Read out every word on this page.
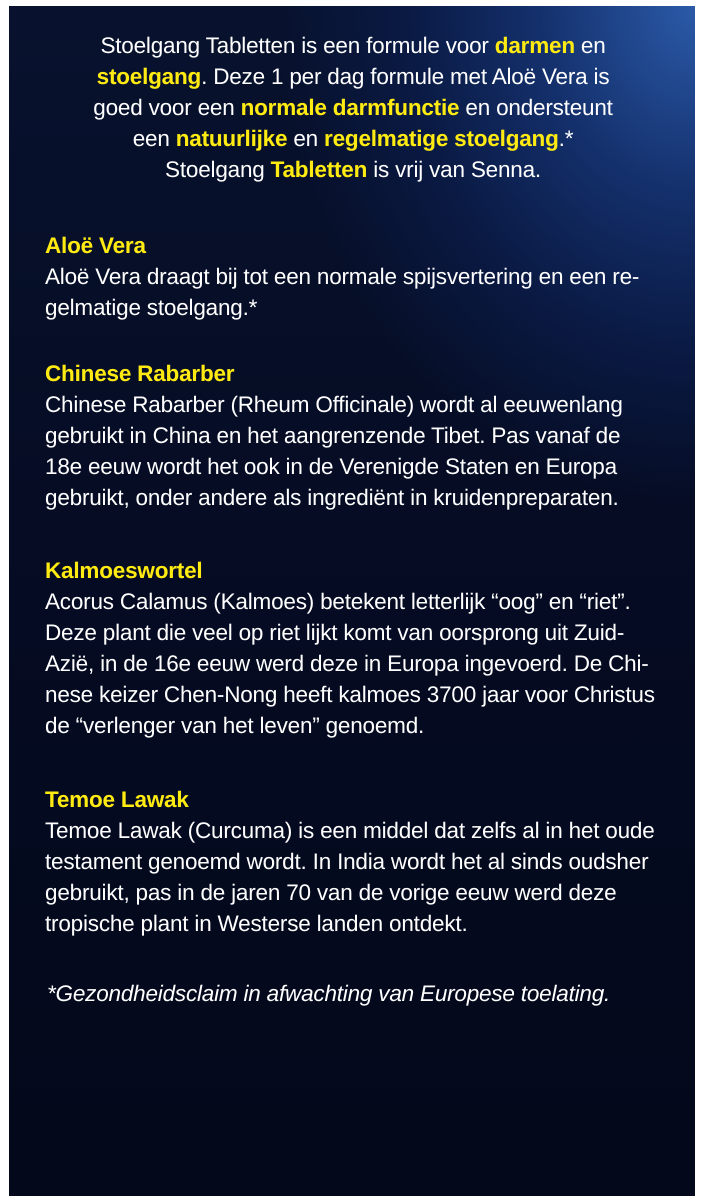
Stoelgang Tabletten is een formule voor darmen en
stoelgang. Deze 1 per dag formule met Aloë Vera is
goed voor een normale darmfunctie en ondersteunt
een natuurlijke en regelmatige stoelgang.*
Stoelgang Tabletten is vrij van Senna.
Aloë Vera
Aloë Vera draagt bij tot een normale spijsvertering en een re-
gelmatige stoelgang.*
Chinese Rabarber
Chinese Rabarber (Rheum Officinale) wordt al eeuwenlang
gebruikt in China en het aangrenzende Tibet. Pas vanaf de
18e eeuw wordt het ook in de Verenigde Staten en Europa
gebruikt, onder andere als ingrediënt in kruidenpreparaten.
Kalmoeswortel
Acorus Calamus (Kalmoes) betekent letterlijk “oog” en “riet”.
Deze plant die veel op riet lijkt komt van oorsprong uit Zuid-
Azië, in de 16e eeuw werd deze in Europa ingevoerd. De Chi-
nese keizer Chen-Nong heeft kalmoes 3700 jaar voor Christus
de “verlenger van het leven” genoemd.
Temoe Lawak
Temoe Lawak (Curcuma) is een middel dat zelfs al in het oude
testament genoemd wordt. In India wordt het al sinds oudsher
gebruikt, pas in de jaren 70 van de vorige eeuw werd deze
tropische plant in Westerse landen ontdekt.
*Gezondheidsclaim in afwachting van Europese toelating.
